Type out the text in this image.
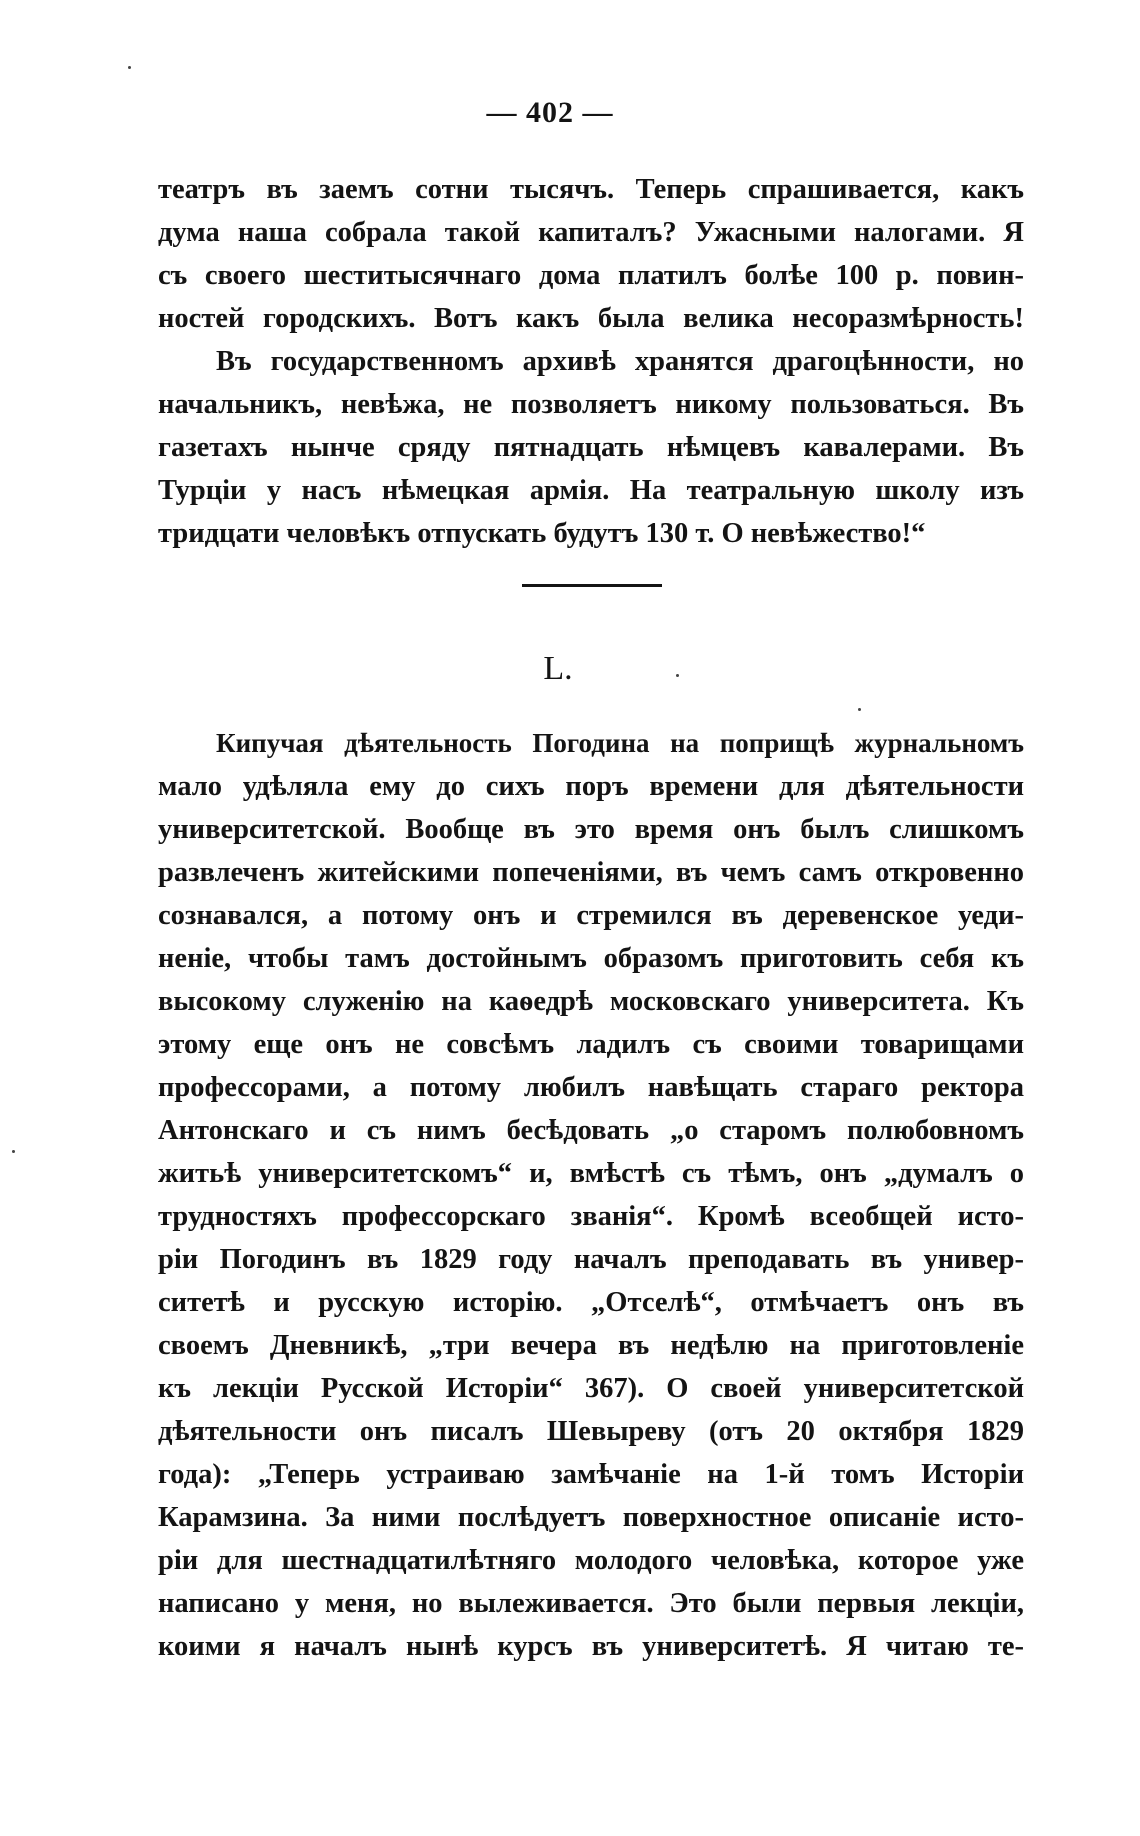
— 402 —
театръ въ заемъ сотни тысячъ. Теперь спрашивается, какъ
дума наша собрала такой капиталъ? Ужасными налогами. Я
съ своего шеститысячнаго дома платилъ болѣе 100 р. повин-
ностей городскихъ. Вотъ какъ была велика несоразмѣрность!
Въ государственномъ архивѣ хранятся драгоцѣнности, но
начальникъ, невѣжа, не позволяетъ никому пользоваться. Въ
газетахъ нынче сряду пятнадцать нѣмцевъ кавалерами. Въ
Турціи у насъ нѣмецкая армія. На театральную школу изъ
тридцати человѣкъ отпускать будутъ 130 т. О невѣжество!“
L.
Кипучая дѣятельность Погодина на поприщѣ журнальномъ
мало удѣляла ему до сихъ поръ времени для дѣятельности
университетской. Вообще въ это время онъ былъ слишкомъ
развлеченъ житейскими попеченіями, въ чемъ самъ откровенно
сознавался, а потому онъ и стремился въ деревенское уеди-
неніе, чтобы тамъ достойнымъ образомъ приготовить себя къ
высокому служенію на каѳедрѣ московскаго университета. Къ
этому еще онъ не совсѣмъ ладилъ съ своими товарищами
профессорами, а потому любилъ навѣщать стараго ректора
Антонскаго и съ нимъ бесѣдовать „о старомъ полюбовномъ
житьѣ университетскомъ“ и, вмѣстѣ съ тѣмъ, онъ „думалъ о
трудностяхъ профессорскаго званія“. Кромѣ всеобщей исто-
ріи Погодинъ въ 1829 году началъ преподавать въ универ-
ситетѣ и русскую исторію. „Отселѣ“, отмѣчаетъ онъ въ
своемъ Дневникѣ, „три вечера въ недѣлю на приготовленіе
къ лекціи Русской Исторіи“ 367). О своей университетской
дѣятельности онъ писалъ Шевыреву (отъ 20 октября 1829
года): „Теперь устраиваю замѣчаніе на 1-й томъ Исторіи
Карамзина. За ними послѣдуетъ поверхностное описаніе исто-
ріи для шестнадцатилѣтняго молодого человѣка, которое уже
написано у меня, но вылеживается. Это были первыя лекціи,
коими я началъ нынѣ курсъ въ университетѣ. Я читаю те-
